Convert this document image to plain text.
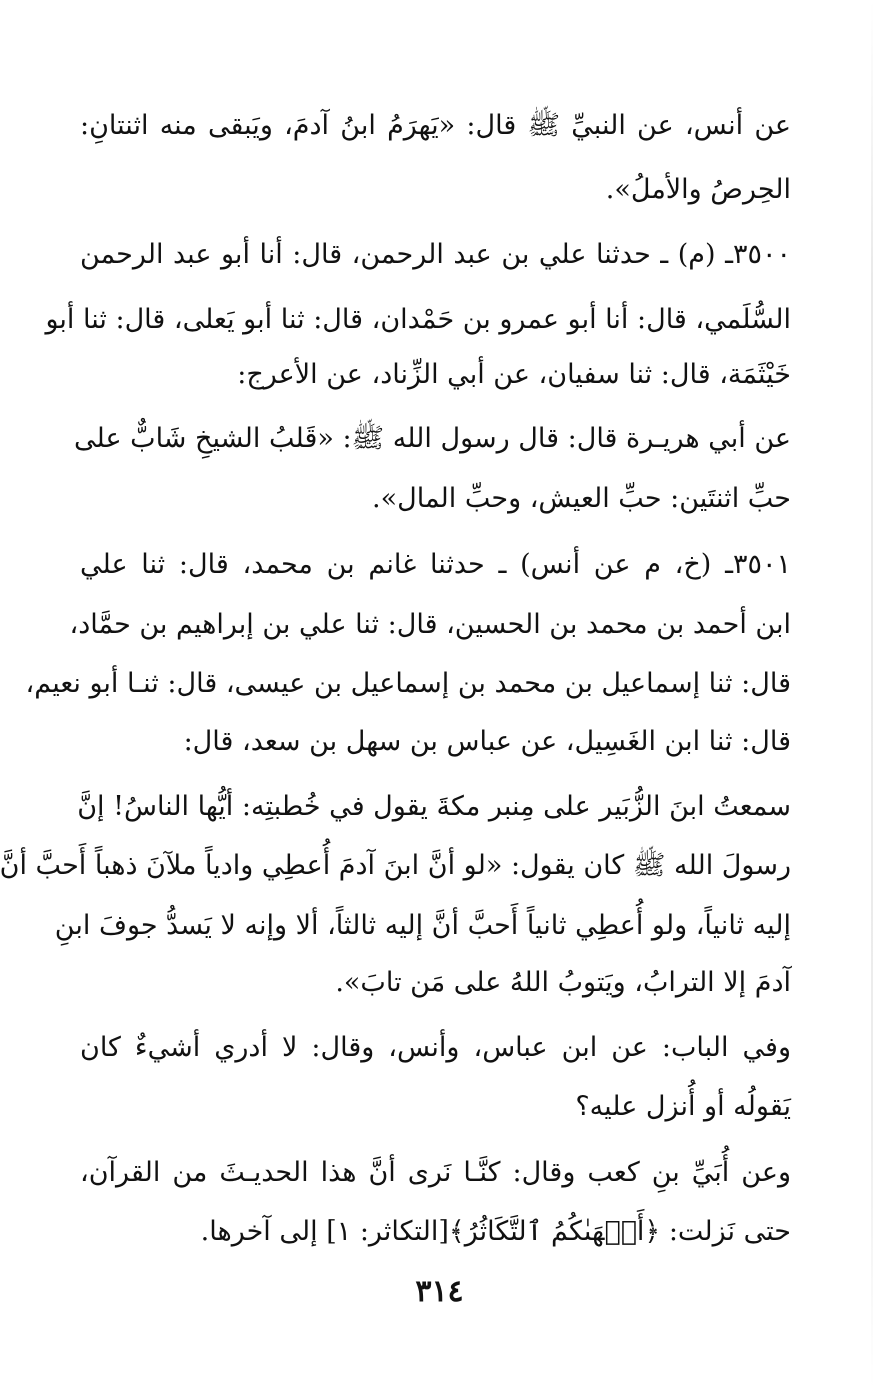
عن أنس، عن النبيِّ ﷺ قال: «يَهرَمُ ابنُ آدمَ، ويَبقى منه اثنتانِ:
الحِرصُ والأملُ».
٣٥٠٠ـ (م) ـ حدثنا علي بن عبد الرحمن، قال: أنا أبو عبد الرحمن
السُّلَمي، قال: أنا أبو عمرو بن حَمْدان، قال: ثنا أبو يَعلى، قال: ثنا أبو
خَيْثَمَة، قال: ثنا سفيان، عن أبي الزِّناد، عن الأعرج:
عن أبي هريـرة قال: قال رسول الله ﷺ: «قَلبُ الشيخِ شَابٌّ على
حبِّ اثنتَين: حبِّ العيش، وحبِّ المال».
٣٥٠١ـ (خ، م عن أنس) ـ حدثنا غانم بن محمد، قال: ثنا علي
ابن أحمد بن محمد بن الحسين، قال: ثنا علي بن إبراهيم بن حمَّاد،
قال: ثنا إسماعيل بن محمد بن إسماعيل بن عيسى، قال: ثنـا أبو نعيم،
قال: ثنا ابن الغَسِيل، عن عباس بن سهل بن سعد، قال:
سمعتُ ابنَ الزُّبَير على مِنبر مكةَ يقول في خُطبتِه: أيُّها الناسُ! إنَّ
رسولَ الله ﷺ كان يقول: «لو أنَّ ابنَ آدمَ أُعطِي وادياً ملآنَ ذهباً أَحبَّ أنَّ
إليه ثانياً، ولو أُعطِي ثانياً أَحبَّ أنَّ إليه ثالثاً، ألا وإنه لا يَسدُّ جوفَ ابنِ
آدمَ إلا الترابُ، ويَتوبُ اللهُ على مَن تابَ».
وفي الباب: عن ابن عباس، وأنس، وقال: لا أدري أشيءٌ كان
يَقولُه أو أُنزل عليه؟
وعن أُبَيِّ بنِ كعب وقال: كنَّـا نَرى أنَّ هذا الحديـثَ من القرآن،
حتى نَزلت: ﴿أَلۡهَىٰكُمُ ٱلتَّكَاثُرُ﴾[التكاثر: ١] إلى آخرها.
٣١٤
